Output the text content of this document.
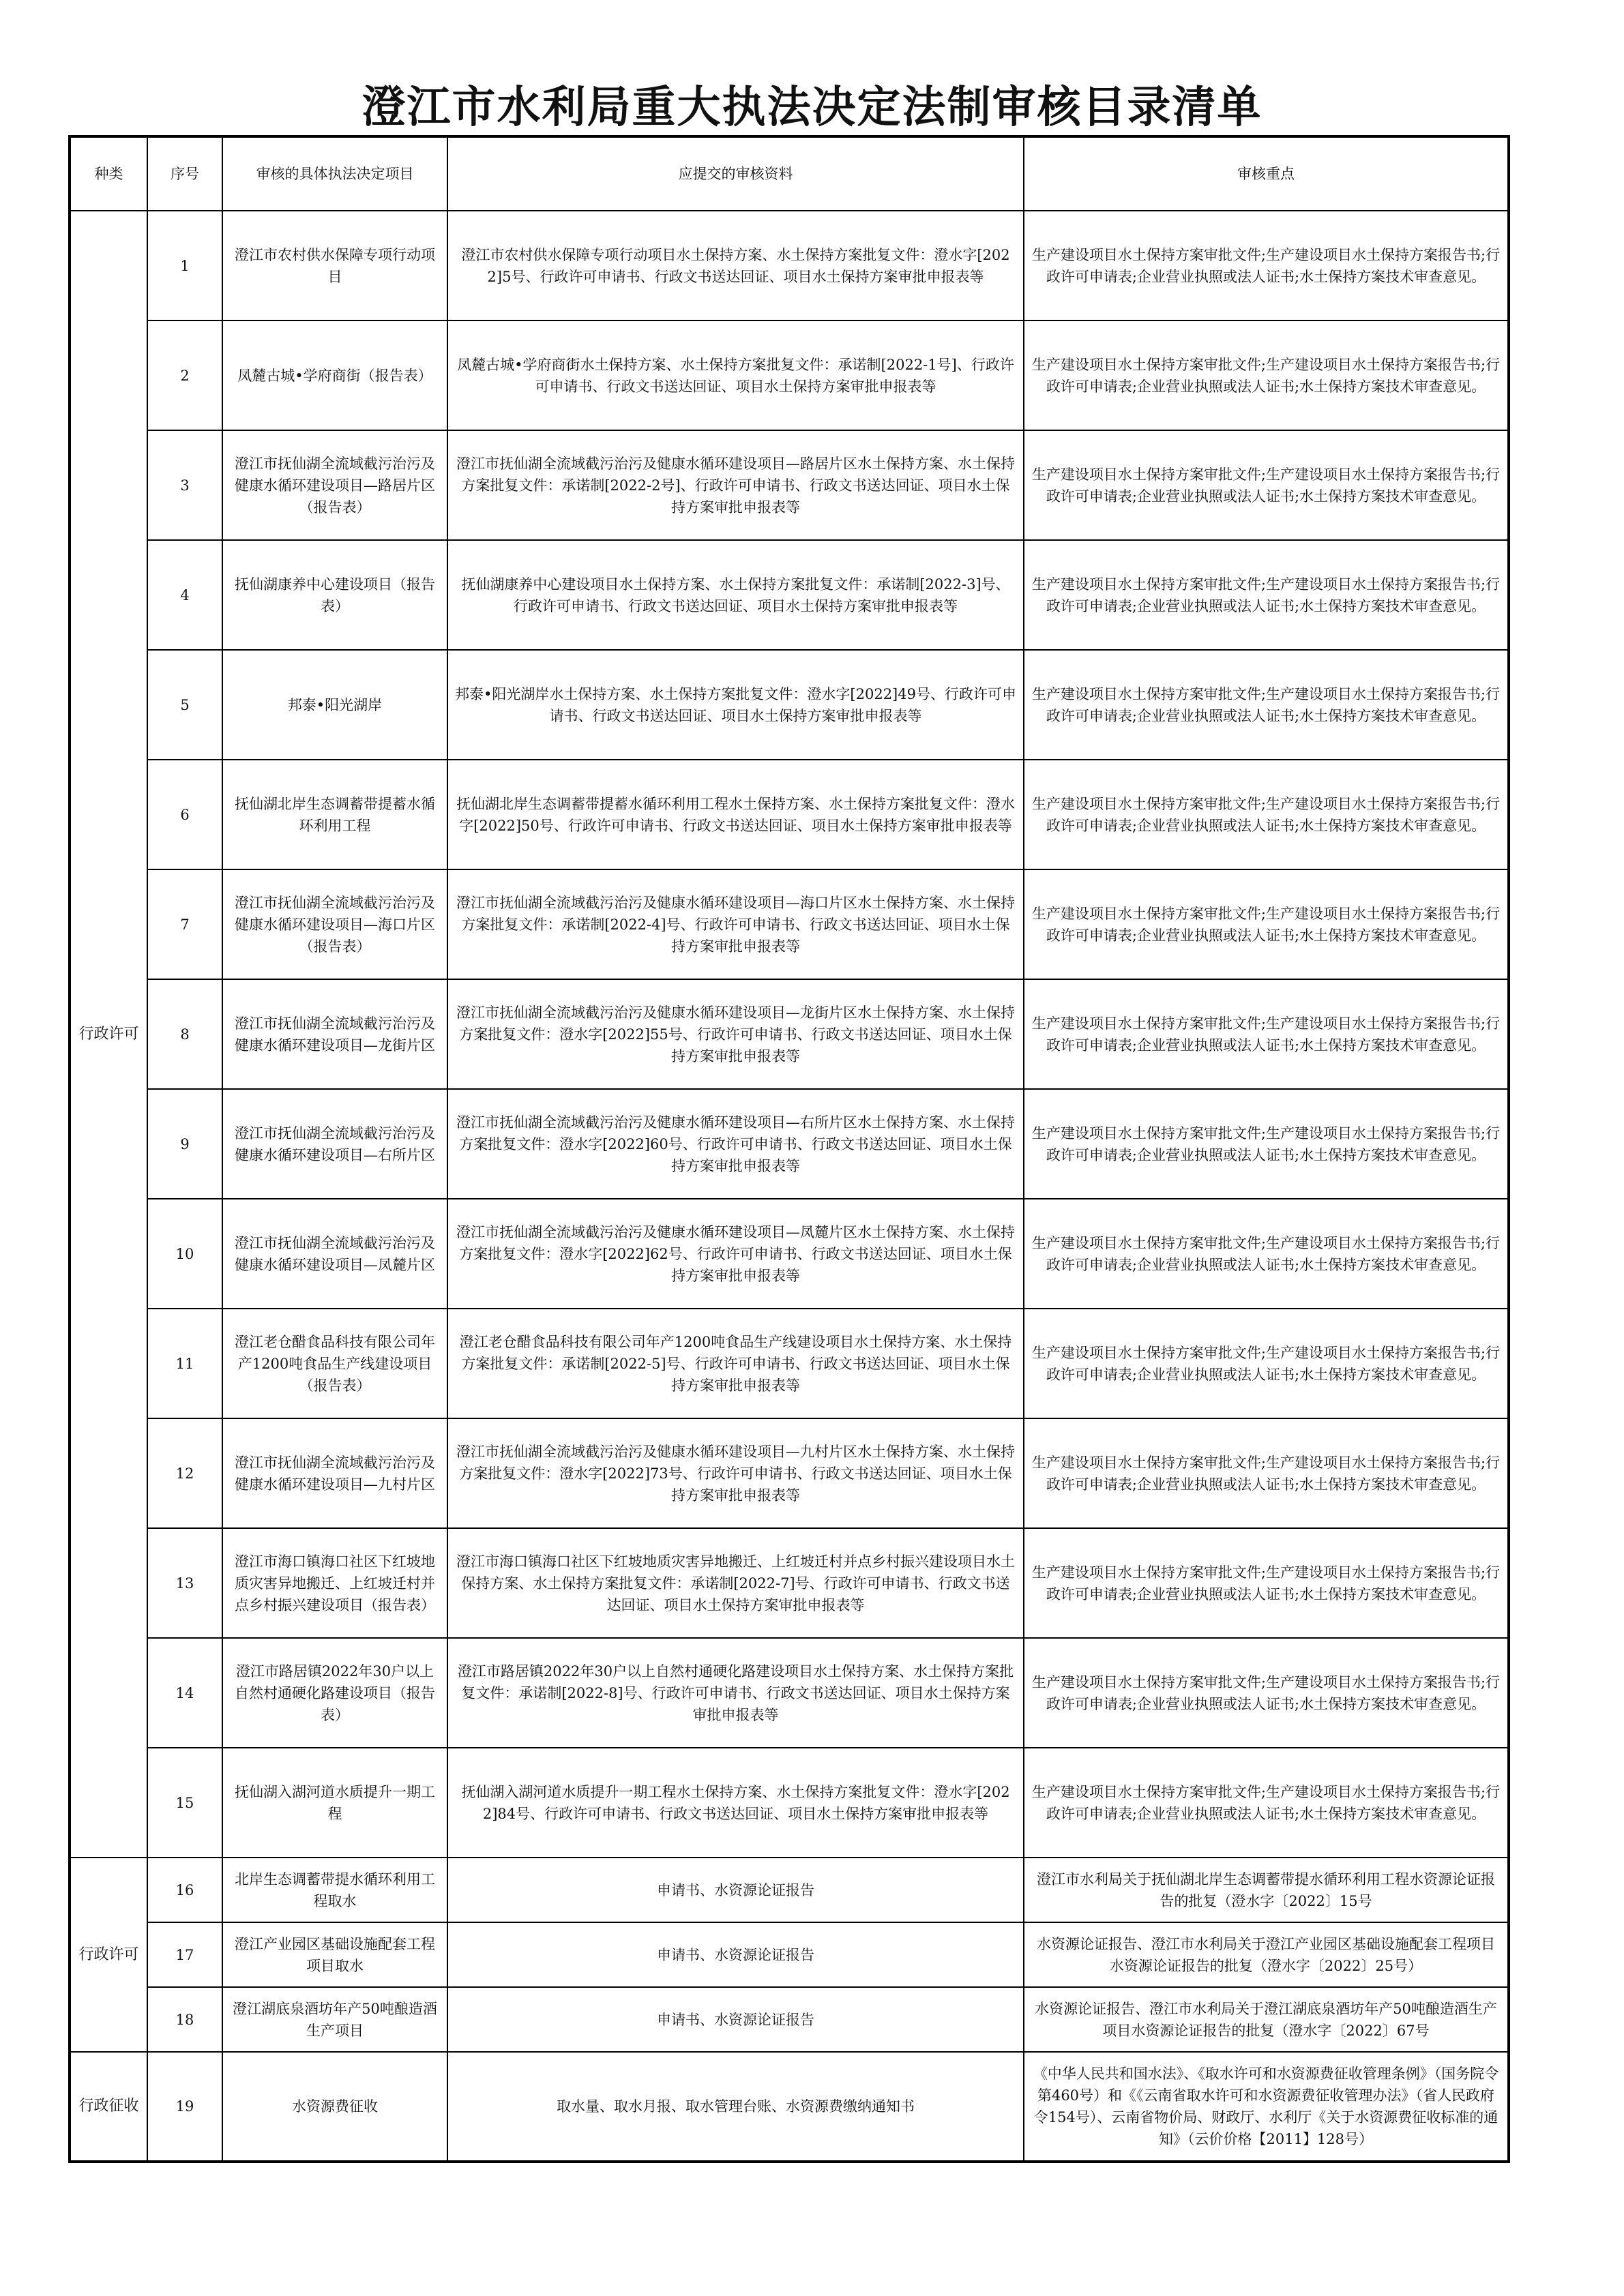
澄江市水利局重大执法决定法制审核目录清单
种类	序号	审核的具体执法决定项目	应提交的审核资料	审核重点
行政许可	1	澄江市农村供水保障专项行动项目	澄江市农村供水保障专项行动项目水土保持方案、水土保持方案批复文件：澄水字[2022]5号、行政许可申请书、行政文书送达回证、项目水土保持方案审批申报表等	生产建设项目水土保持方案审批文件;生产建设项目水土保持方案报告书;行政许可申请表;企业营业执照或法人证书;水土保持方案技术审查意见。
	2	凤麓古城•学府商街（报告表）	凤麓古城•学府商街水土保持方案、水土保持方案批复文件：承诺制[2022-1号]、行政许可申请书、行政文书送达回证、项目水土保持方案审批申报表等	生产建设项目水土保持方案审批文件;生产建设项目水土保持方案报告书;行政许可申请表;企业营业执照或法人证书;水土保持方案技术审查意见。
	3	澄江市抚仙湖全流域截污治污及健康水循环建设项目—路居片区（报告表）	澄江市抚仙湖全流域截污治污及健康水循环建设项目—路居片区水土保持方案、水土保持方案批复文件：承诺制[2022-2号]、行政许可申请书、行政文书送达回证、项目水土保持方案审批申报表等	生产建设项目水土保持方案审批文件;生产建设项目水土保持方案报告书;行政许可申请表;企业营业执照或法人证书;水土保持方案技术审查意见。
	4	抚仙湖康养中心建设项目（报告表）	抚仙湖康养中心建设项目水土保持方案、水土保持方案批复文件：承诺制[2022-3]号、行政许可申请书、行政文书送达回证、项目水土保持方案审批申报表等	生产建设项目水土保持方案审批文件;生产建设项目水土保持方案报告书;行政许可申请表;企业营业执照或法人证书;水土保持方案技术审查意见。
	5	邦泰•阳光湖岸	邦泰•阳光湖岸水土保持方案、水土保持方案批复文件：澄水字[2022]49号、行政许可申请书、行政文书送达回证、项目水土保持方案审批申报表等	生产建设项目水土保持方案审批文件;生产建设项目水土保持方案报告书;行政许可申请表;企业营业执照或法人证书;水土保持方案技术审查意见。
	6	抚仙湖北岸生态调蓄带提蓄水循环利用工程	抚仙湖北岸生态调蓄带提蓄水循环利用工程水土保持方案、水土保持方案批复文件：澄水字[2022]50号、行政许可申请书、行政文书送达回证、项目水土保持方案审批申报表等	生产建设项目水土保持方案审批文件;生产建设项目水土保持方案报告书;行政许可申请表;企业营业执照或法人证书;水土保持方案技术审查意见。
	7	澄江市抚仙湖全流域截污治污及健康水循环建设项目—海口片区（报告表）	澄江市抚仙湖全流域截污治污及健康水循环建设项目—海口片区水土保持方案、水土保持方案批复文件：承诺制[2022-4]号、行政许可申请书、行政文书送达回证、项目水土保持方案审批申报表等	生产建设项目水土保持方案审批文件;生产建设项目水土保持方案报告书;行政许可申请表;企业营业执照或法人证书;水土保持方案技术审查意见。
	8	澄江市抚仙湖全流域截污治污及健康水循环建设项目—龙街片区	澄江市抚仙湖全流域截污治污及健康水循环建设项目—龙街片区水土保持方案、水土保持方案批复文件：澄水字[2022]55号、行政许可申请书、行政文书送达回证、项目水土保持方案审批申报表等	生产建设项目水土保持方案审批文件;生产建设项目水土保持方案报告书;行政许可申请表;企业营业执照或法人证书;水土保持方案技术审查意见。
	9	澄江市抚仙湖全流域截污治污及健康水循环建设项目—右所片区	澄江市抚仙湖全流域截污治污及健康水循环建设项目—右所片区水土保持方案、水土保持方案批复文件：澄水字[2022]60号、行政许可申请书、行政文书送达回证、项目水土保持方案审批申报表等	生产建设项目水土保持方案审批文件;生产建设项目水土保持方案报告书;行政许可申请表;企业营业执照或法人证书;水土保持方案技术审查意见。
	10	澄江市抚仙湖全流域截污治污及健康水循环建设项目—凤麓片区	澄江市抚仙湖全流域截污治污及健康水循环建设项目—凤麓片区水土保持方案、水土保持方案批复文件：澄水字[2022]62号、行政许可申请书、行政文书送达回证、项目水土保持方案审批申报表等	生产建设项目水土保持方案审批文件;生产建设项目水土保持方案报告书;行政许可申请表;企业营业执照或法人证书;水土保持方案技术审查意见。
	11	澄江老仓醋食品科技有限公司年产1200吨食品生产线建设项目（报告表）	澄江老仓醋食品科技有限公司年产1200吨食品生产线建设项目水土保持方案、水土保持方案批复文件：承诺制[2022-5]号、行政许可申请书、行政文书送达回证、项目水土保持方案审批申报表等	生产建设项目水土保持方案审批文件;生产建设项目水土保持方案报告书;行政许可申请表;企业营业执照或法人证书;水土保持方案技术审查意见。
	12	澄江市抚仙湖全流域截污治污及健康水循环建设项目—九村片区	澄江市抚仙湖全流域截污治污及健康水循环建设项目—九村片区水土保持方案、水土保持方案批复文件：澄水字[2022]73号、行政许可申请书、行政文书送达回证、项目水土保持方案审批申报表等	生产建设项目水土保持方案审批文件;生产建设项目水土保持方案报告书;行政许可申请表;企业营业执照或法人证书;水土保持方案技术审查意见。
	13	澄江市海口镇海口社区下红坡地质灾害异地搬迁、上红坡迁村并点乡村振兴建设项目（报告表）	澄江市海口镇海口社区下红坡地质灾害异地搬迁、上红坡迁村并点乡村振兴建设项目水土保持方案、水土保持方案批复文件：承诺制[2022-7]号、行政许可申请书、行政文书送达回证、项目水土保持方案审批申报表等	生产建设项目水土保持方案审批文件;生产建设项目水土保持方案报告书;行政许可申请表;企业营业执照或法人证书;水土保持方案技术审查意见。
	14	澄江市路居镇2022年30户以上自然村通硬化路建设项目（报告表）	澄江市路居镇2022年30户以上自然村通硬化路建设项目水土保持方案、水土保持方案批复文件：承诺制[2022-8]号、行政许可申请书、行政文书送达回证、项目水土保持方案审批申报表等	生产建设项目水土保持方案审批文件;生产建设项目水土保持方案报告书;行政许可申请表;企业营业执照或法人证书;水土保持方案技术审查意见。
	15	抚仙湖入湖河道水质提升一期工程	抚仙湖入湖河道水质提升一期工程水土保持方案、水土保持方案批复文件：澄水字[2022]84号、行政许可申请书、行政文书送达回证、项目水土保持方案审批申报表等	生产建设项目水土保持方案审批文件;生产建设项目水土保持方案报告书;行政许可申请表;企业营业执照或法人证书;水土保持方案技术审查意见。
行政许可	16	北岸生态调蓄带提水循环利用工程取水	申请书、水资源论证报告	澄江市水利局关于抚仙湖北岸生态调蓄带提水循环利用工程水资源论证报告的批复（澄水字〔2022〕15号
	17	澄江产业园区基础设施配套工程项目取水	申请书、水资源论证报告	水资源论证报告、澄江市水利局关于澄江产业园区基础设施配套工程项目水资源论证报告的批复（澄水字〔2022〕25号）
	18	澄江湖底泉酒坊年产50吨酿造酒生产项目	申请书、水资源论证报告	水资源论证报告、澄江市水利局关于澄江湖底泉酒坊年产50吨酿造酒生产项目水资源论证报告的批复（澄水字〔2022〕67号
行政征收	19	水资源费征收	取水量、取水月报、取水管理台账、水资源费缴纳通知书	《中华人民共和国水法》、《取水许可和水资源费征收管理条例》（国务院令第460号）和《《云南省取水许可和水资源费征收管理办法》（省人民政府令154号）、云南省物价局、财政厅、水利厅《关于水资源费征收标准的通知》（云价价格【2011】128号）
